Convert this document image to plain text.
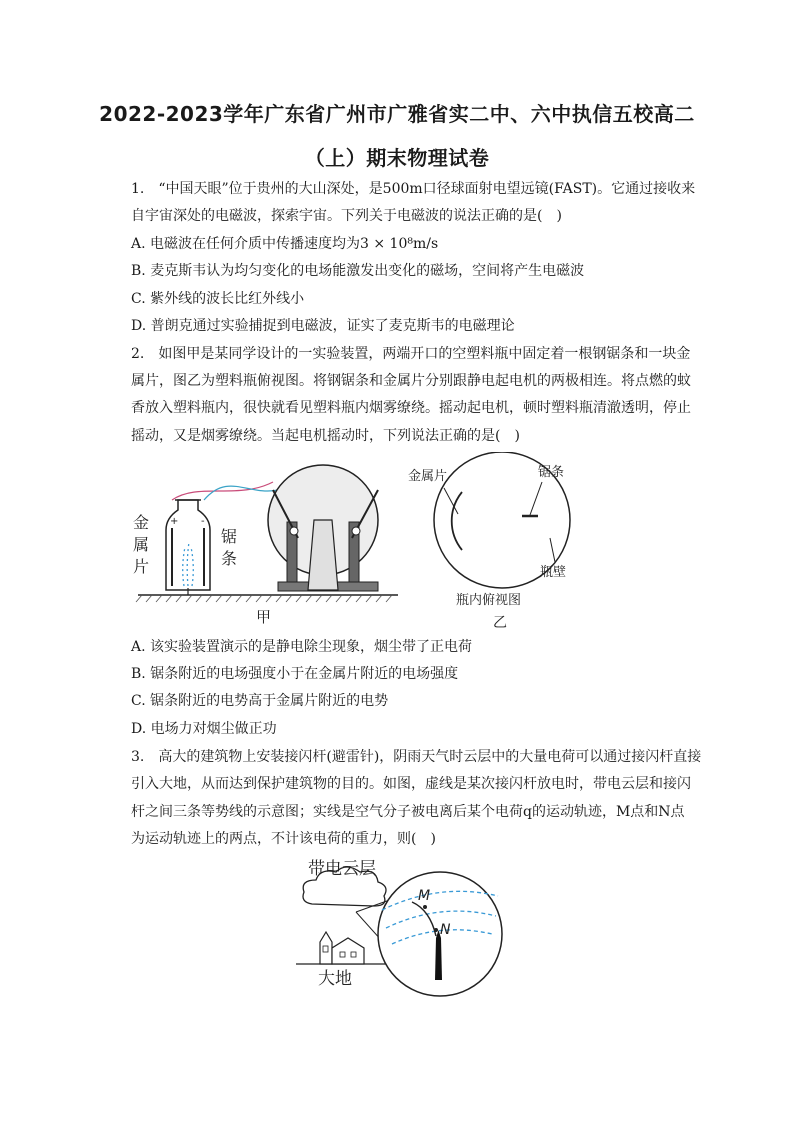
2022-2023学年广东省广州市广雅省实二中、六中执信五校高二
（上）期末物理试卷
1.　“中国天眼”位于贵州的大山深处，是500m口径球面射电望远镜(FAST)。它通过接收来
自宇宙深处的电磁波，探索宇宙。下列关于电磁波的说法正确的是(　)
A. 电磁波在任何介质中传播速度均为3 × 10⁸m/s
B. 麦克斯韦认为均匀变化的电场能激发出变化的磁场，空间将产生电磁波
C. 紫外线的波长比红外线小
D. 普朗克通过实验捕捉到电磁波，证实了麦克斯韦的电磁理论
2.　如图甲是某同学设计的一实验装置，两端开口的空塑料瓶中固定着一根钢锯条和一块金
属片，图乙为塑料瓶俯视图。将钢锯条和金属片分别跟静电起电机的两极相连。将点燃的蚊
香放入塑料瓶内，很快就看见塑料瓶内烟雾缭绕。摇动起电机，顿时塑料瓶清澈透明，停止
摇动，又是烟雾缭绕。当起电机摇动时，下列说法正确的是(　)
+ -
金
属
片
锯
条
甲
金属片	锯条
瓶壁
瓶内俯视图
乙
A. 该实验装置演示的是静电除尘现象，烟尘带了正电荷
B. 锯条附近的电场强度小于在金属片附近的电场强度
C. 锯条附近的电势高于金属片附近的电势
D. 电场力对烟尘做正功
3.　高大的建筑物上安装接闪杆(避雷针)，阴雨天气时云层中的大量电荷可以通过接闪杆直接
引入大地，从而达到保护建筑物的目的。如图，虚线是某次接闪杆放电时，带电云层和接闪
杆之间三条等势线的示意图；实线是空气分子被电离后某个电荷q的运动轨迹，M点和N点
为运动轨迹上的两点，不计该电荷的重力，则(　)
带电云层
大地
M
N
